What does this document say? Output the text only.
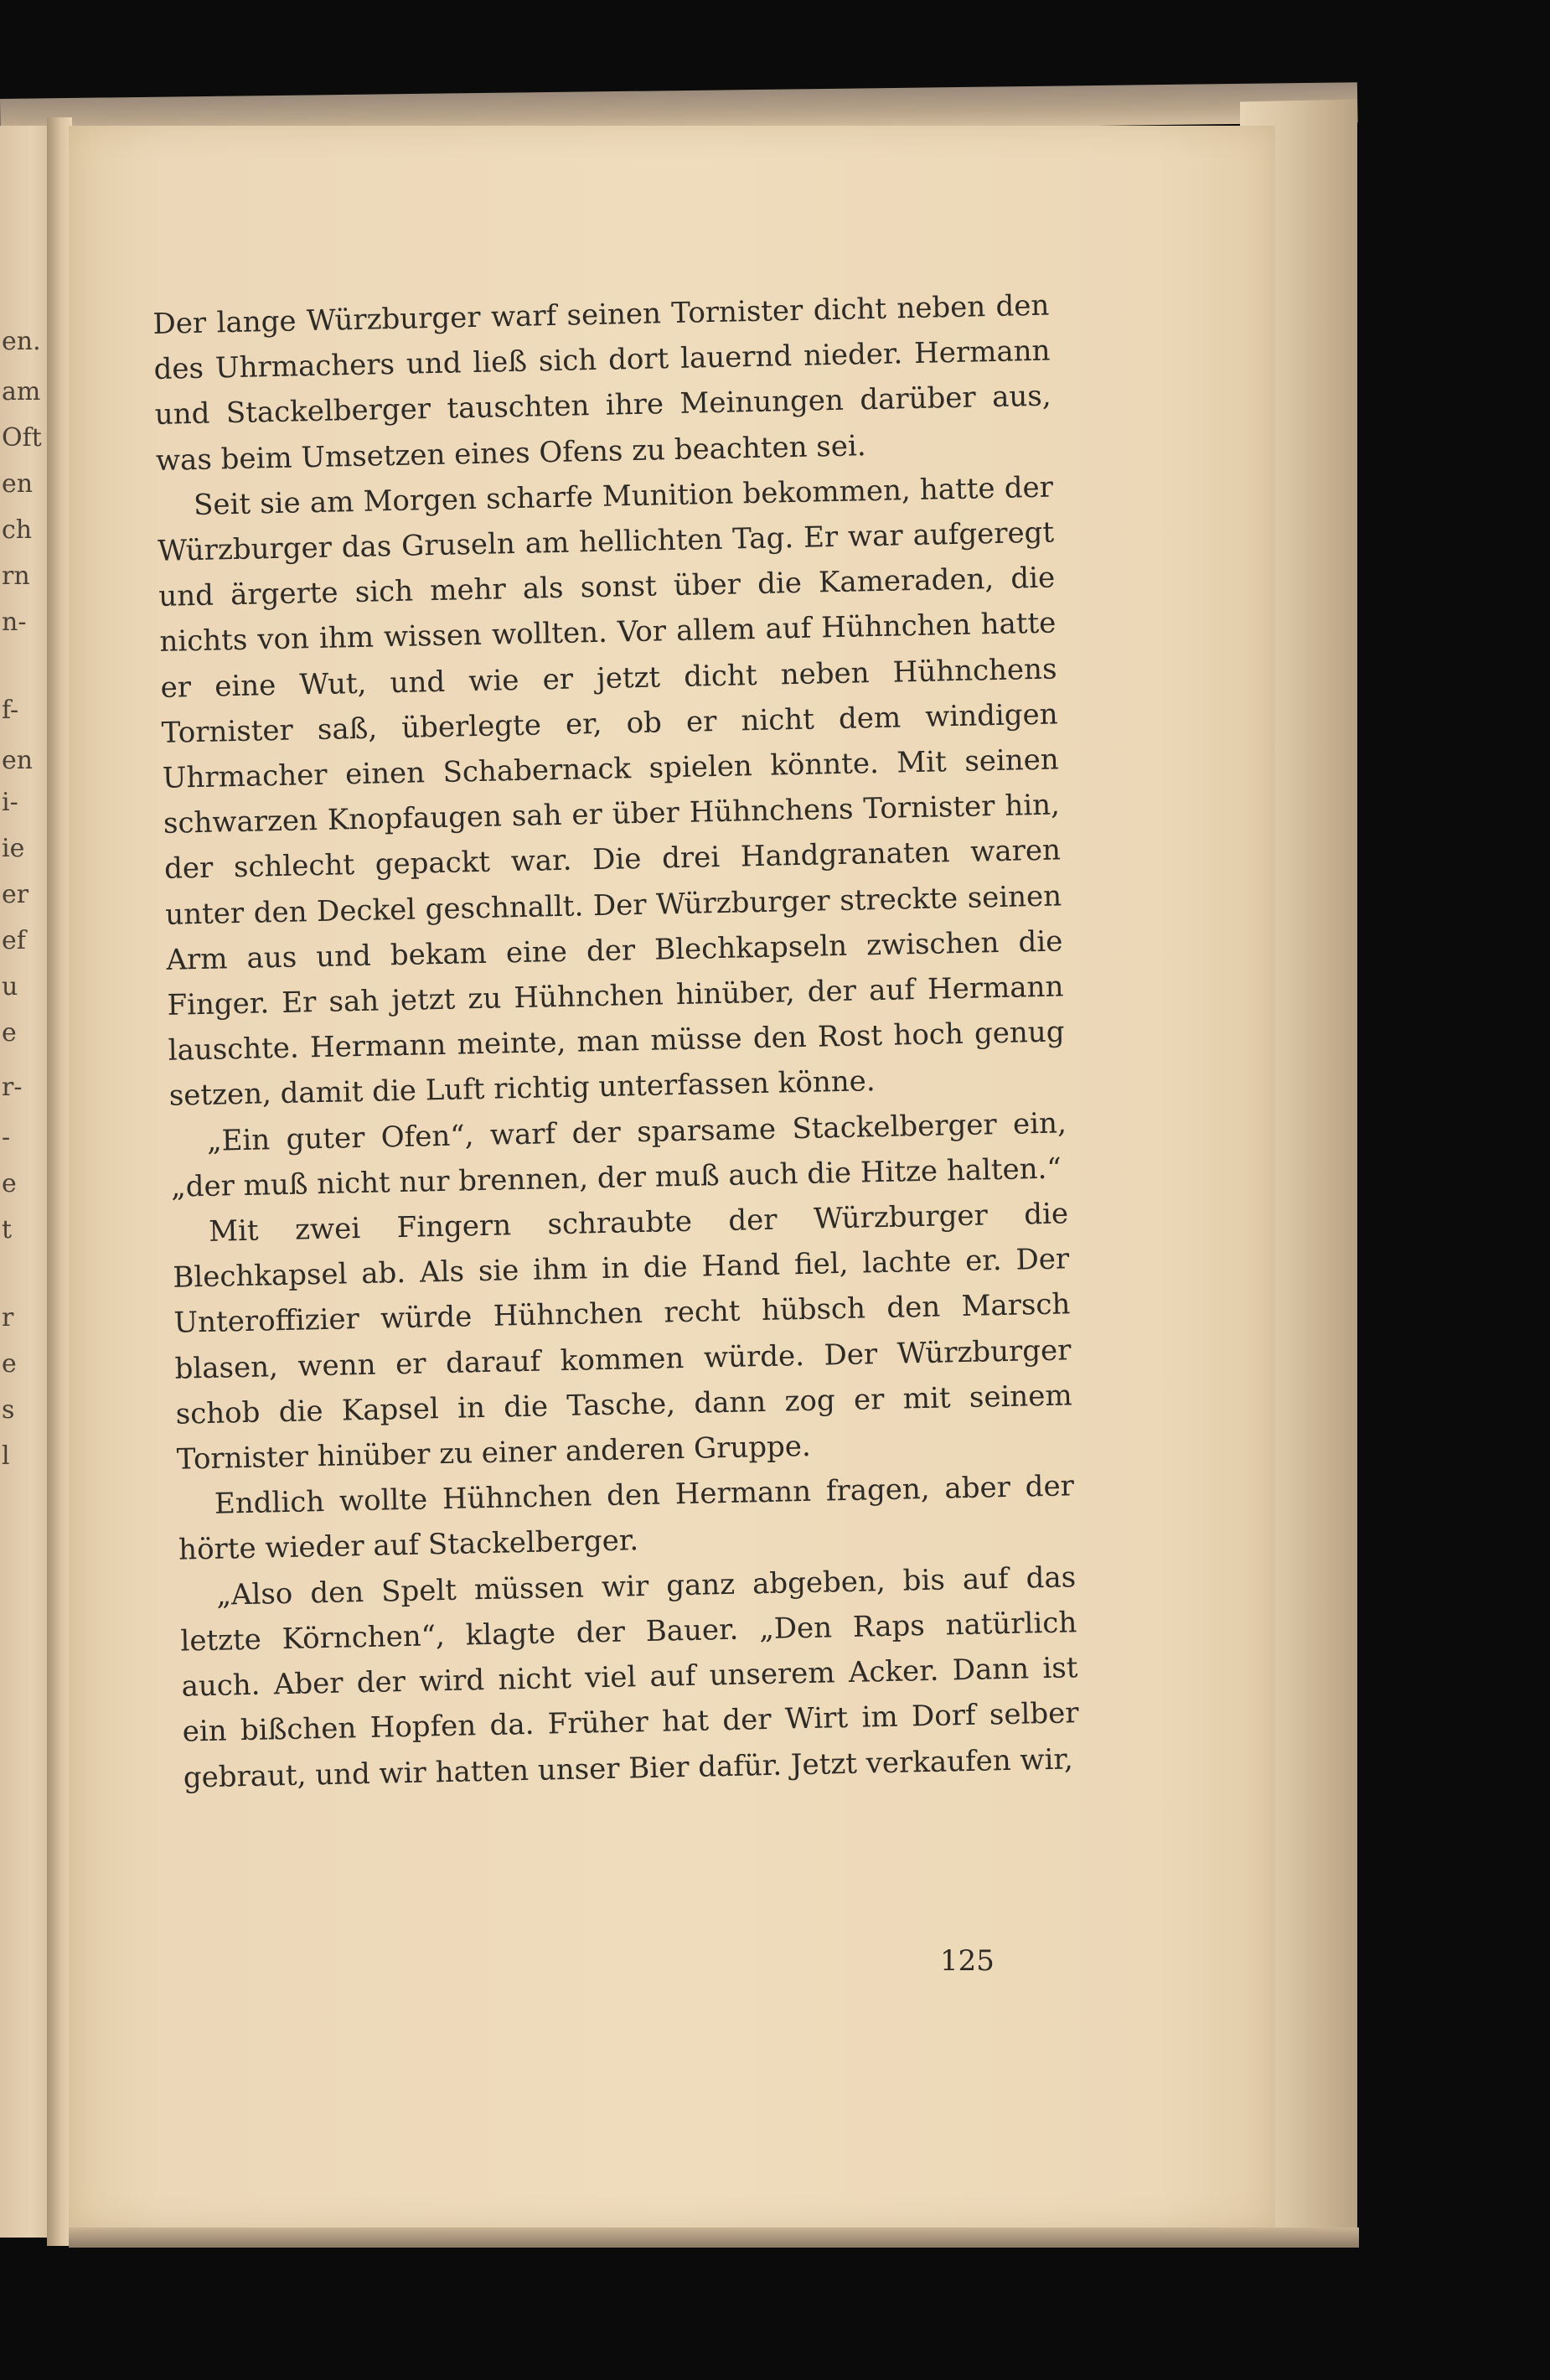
en.
am
Oft
en
ch
rn
n-
f-
en
i-
ie
er
ef
u
e
r-
-
e
t
r
e
s
l

Der lange Würzburger warf seinen Tornister dicht neben den des Uhrmachers und ließ sich dort lauernd nieder. Hermann und Stackelberger tauschten ihre Meinungen darüber aus, was beim Umsetzen eines Ofens zu beachten sei.

Seit sie am Morgen scharfe Munition bekommen, hatte der Würzburger das Gruseln am hellichten Tag. Er war aufgeregt und ärgerte sich mehr als sonst über die Kameraden, die nichts von ihm wissen wollten. Vor allem auf Hühnchen hatte er eine Wut, und wie er jetzt dicht neben Hühnchens Tornister saß, überlegte er, ob er nicht dem windigen Uhrmacher einen Schabernack spielen könnte. Mit seinen schwarzen Knopfaugen sah er über Hühnchens Tornister hin, der schlecht gepackt war. Die drei Handgranaten waren unter den Deckel geschnallt. Der Würzburger streckte seinen Arm aus und bekam eine der Blechkapseln zwischen die Finger. Er sah jetzt zu Hühnchen hinüber, der auf Hermann lauschte. Hermann meinte, man müsse den Rost hoch genug setzen, damit die Luft richtig unterfassen könne.

„Ein guter Ofen“, warf der sparsame Stackelberger ein, „der muß nicht nur brennen, der muß auch die Hitze halten.“

Mit zwei Fingern schraubte der Würzburger die Blechkapsel ab. Als sie ihm in die Hand fiel, lachte er. Der Unteroffizier würde Hühnchen recht hübsch den Marsch blasen, wenn er darauf kommen würde. Der Würzburger schob die Kapsel in die Tasche, dann zog er mit seinem Tornister hinüber zu einer anderen Gruppe.

Endlich wollte Hühnchen den Hermann fragen, aber der hörte wieder auf Stackelberger.

„Also den Spelt müssen wir ganz abgeben, bis auf das letzte Körnchen“, klagte der Bauer. „Den Raps natürlich auch. Aber der wird nicht viel auf unserem Acker. Dann ist ein bißchen Hopfen da. Früher hat der Wirt im Dorf selber gebraut, und wir hatten unser Bier dafür. Jetzt verkaufen wir,

125
